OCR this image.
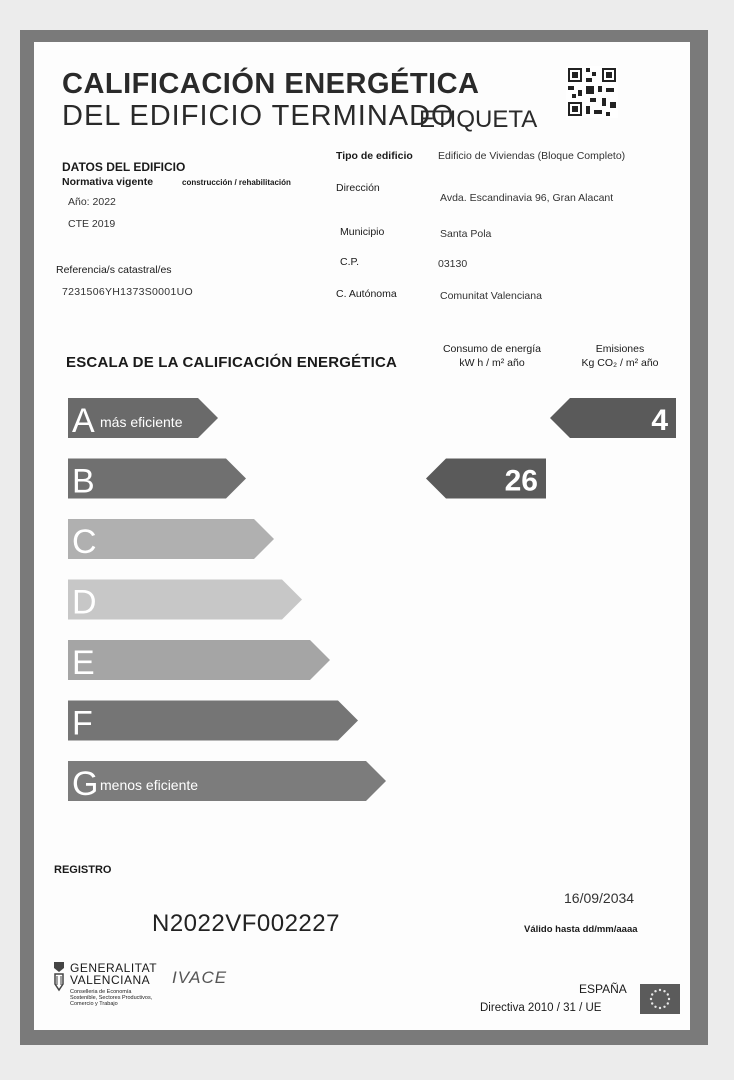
CALIFICACIÓN ENERGÉTICA
DEL EDIFICIO TERMINADO
ETIQUETA
DATOS DEL EDIFICIO
Normativa vigente	construcción / rehabilitación
Año: 2022
CTE 2019
Referencia/s catastral/es
7231506YH1373S0001UO
Tipo de edificio Edificio de Viviendas (Bloque Completo)
Dirección
Avda. Escandinavia 96, Gran Alacant
Municipio	Santa Pola
C.P.	03130
C. Autónoma	Comunitat Valenciana
ESCALA DE LA CALIFICACIÓN ENERGÉTICA
Consumo de energía
kW h / m² año
Emisiones
Kg CO₂ / m² año
A más eficiente
B
C
D
E
F
G menos eficiente
26
4
REGISTRO
N2022VF002227
16/09/2034
Válido hasta dd/mm/aaaa
GENERALITAT
VALENCIANA
Conselleria de Economía
Sostenible, Sectores Productivos,
Comercio y Trabajo
IVACE
ESPAÑA
Directiva 2010 / 31 / UE
